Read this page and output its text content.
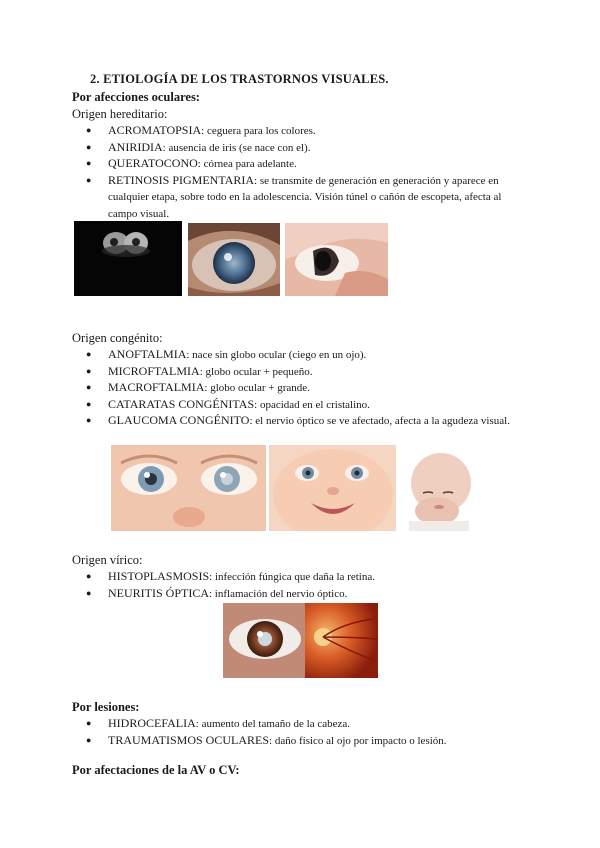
2. ETIOLOGÍA DE LOS TRASTORNOS VISUALES.
Por afecciones oculares:
Origen hereditario:
● ACROMATOPSIA: ceguera para los colores.
● ANIRIDIA: ausencia de iris (se nace con el).
● QUERATOCONO: córnea para adelante.
● RETINOSIS PIGMENTARIA: se transmite de generación en generación y aparece en cualquier etapa, sobre todo en la adolescencia. Visión túnel o cañón de escopeta, afecta al campo visual.
Origen congénito:
● ANOFTALMIA: nace sin globo ocular (ciego en un ojo).
● MICROFTALMIA: globo ocular + pequeño.
● MACROFTALMIA: globo ocular + grande.
● CATARATAS CONGÉNITAS: opacidad en el cristalino.
● GLAUCOMA CONGÉNITO: el nervio óptico se ve afectado, afecta a la agudeza visual.
Origen vírico:
● HISTOPLASMOSIS: infección fúngica que daña la retina.
● NEURITIS ÓPTICA: inflamación del nervio óptico.
Por lesiones:
● HIDROCEFALIA: aumento del tamaño de la cabeza.
● TRAUMATISMOS OCULARES: daño físico al ojo por impacto o lesión.
Por afectaciones de la AV o CV:
